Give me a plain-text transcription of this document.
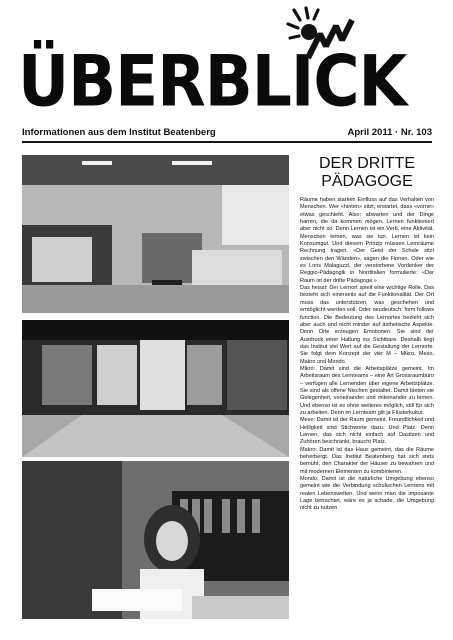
ÜBERBLICK
Informationen aus dem Institut Beatenberg	April 2011 · Nr. 103
DER DRITTE
PÄDAGOGE

Räume haben starken Einfluss auf das Verhalten von Menschen. Wer «hinten» sitzt, erwartet, dass «vorne» etwas geschieht. Also: abwarten und der Dinge harren, die da kommen mögen. Lernen funktioniert aber nicht so. Denn Lernen ist ein Verb, eine Aktivität. Menschen lernen, was sie tun. Lernen ist kein Konsumgut. Und diesem Prinzip müssen Lernräume Rechnung tragen. «Der Geist der Schule sitzt zwischen den Wänden», sagen die Finnen. Oder wie es Loris Malaguzzi, der verstorbene Vordenker der Reggio-Pädagogik in Norditalien formulierte: «Der Raum ist der dritte Pädagoge.»

Das heisst: Der Lernort spielt eine wichtige Rolle. Das bezieht sich einerseits auf die Funktionalität. Der Ort muss das unterstützen, was geschehen und ermöglicht werden soll. Oder neudeutsch: form follows function. Die Bedeutung des Lernortes bezieht sich aber auch und nicht minder auf ästhetische Aspekte. Denn Orte erzeugen Emotionen. Sie sind der Ausdruck einer Haltung ins Sichtbare. Deshalb liegt das Institut viel Wert auf die Gestaltung der Lernorte. Sie folgt dem Konzept der vier M – Mikro, Meso, Makro und Mondo.

Mikro: Damit sind die Arbeitsplätze gemeint. Im Arbeitsraum des Lernteams – eine Art Grossraumbüro – verfügen alle Lernenden über eigene Arbeitsplätze. Sie sind als offene Nischen gestaltet. Damit bieten sie Gelegenheit, voneinander und miteinander zu lernen. Und ebenso ist es ohne weiteres möglich, still für sich zu arbeiten. Denn im Lernteam gilt ja Flüsterkultur.

Meso: Damit ist der Raum gemeint. Freundlichkeit und Helligkeit sind Stichworte dazu. Und Platz. Denn Lernen, das sich nicht einfach auf Dasitzen und Zuhören beschränkt, braucht Platz.

Makro: Damit ist das Haus gemeint, das die Räume beherbergt. Das Institut Beatenberg hat sich stets bemüht, den Charakter der Häuser zu bewahren und mit modernen Elementen zu kombinieren.

Mondo: Damit ist die natürliche Umgebung ebenso gemeint wie die Verbindung schulischen Lernens mit realen Lebenswelten. Und wenn man die imposante Lage betrachtet, wäre es ja schade, die Umgebung nicht zu nutzen.
